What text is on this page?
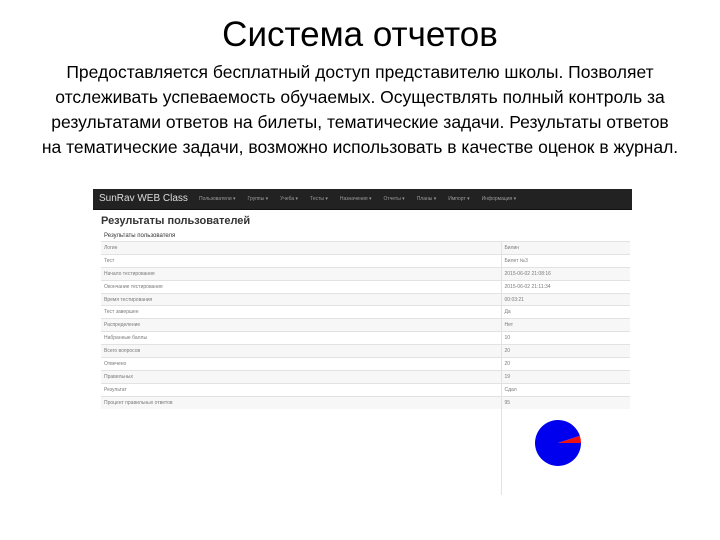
Система отчетов
Предоставляется бесплатный доступ представителю школы. Позволяет отслеживать успеваемость обучаемых. Осуществлять полный контроль за результатами ответов на билеты, тематические задачи. Результаты ответов на тематические задачи, возможно использовать в качестве оценок в журнал.
SunRav WEB Class Пользователи ▾ Группы ▾ Учеба ▾ Тесты ▾ Назначения ▾ Отчеты ▾ Планы ▾ Импорт ▾ Информация ▾
Результаты пользователей
Результаты пользователя
Логин	Билин
Тест	Билет №3
Начало тестирования	2015-06-02 21:08:16
Окончание тестирования	2015-06-02 21:11:34
Время тестирования	00:03:21
Тест завершен	Да
Распределение	Нет
Набранные баллы	10
Всего вопросов	20
Отвечено	20
Правильных	19
Результат	Сдал
Процент правильных ответов	95
